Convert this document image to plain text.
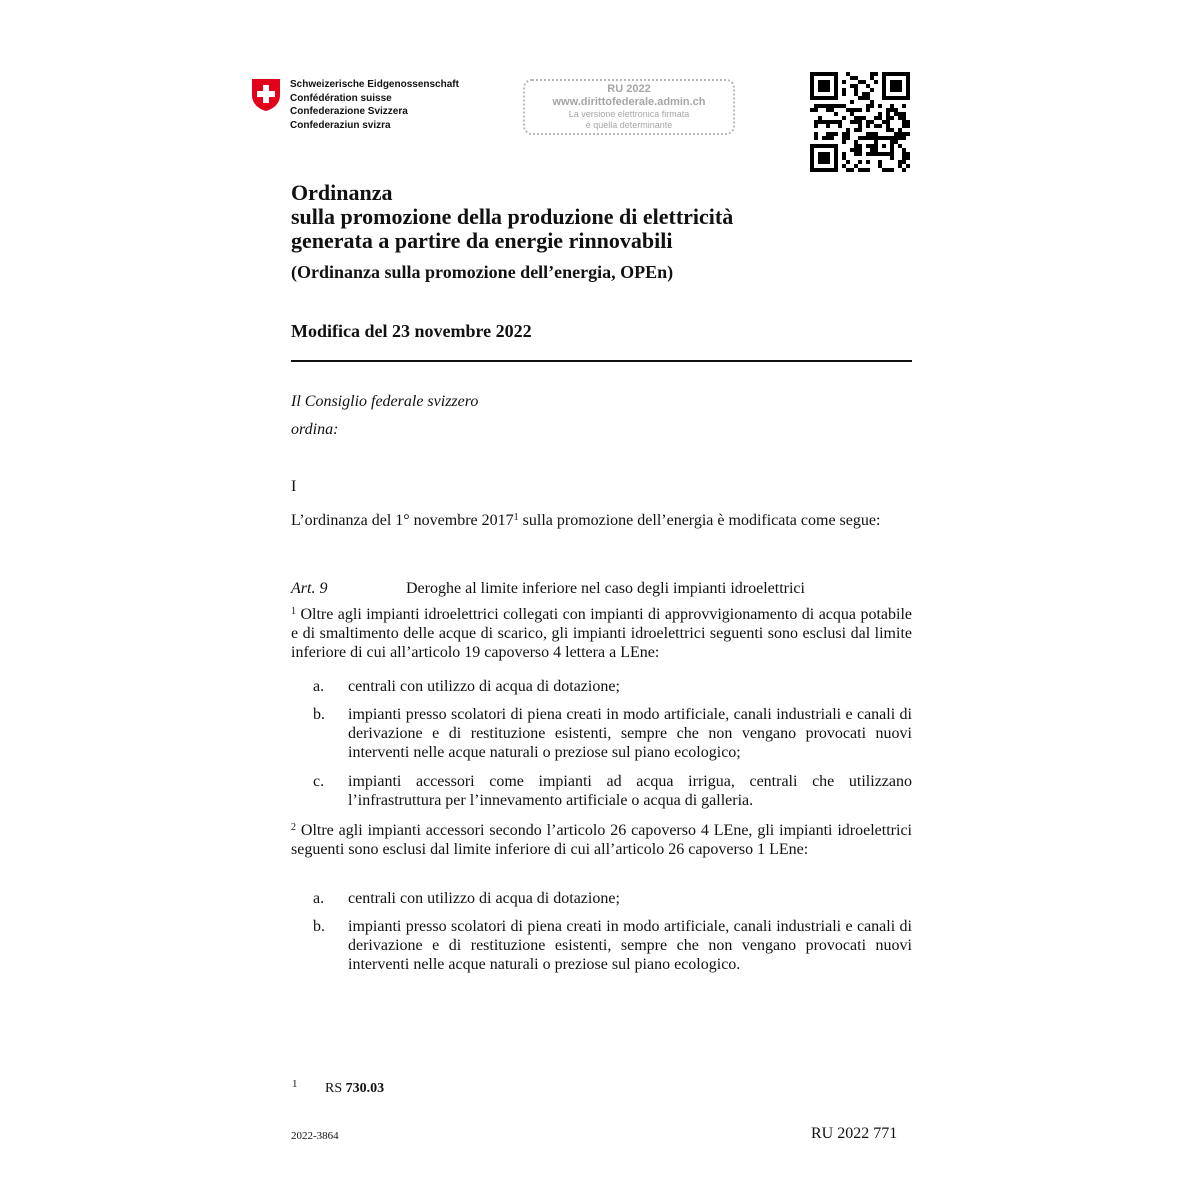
Schweizerische Eidgenossenschaft
Confédération suisse
Confederazione Svizzera
Confederaziun svizra
RU 2022
www.dirittofederale.admin.ch
La versione elettronica firmata
è quella determinante
Ordinanza
sulla promozione della produzione di elettricità
generata a partire da energie rinnovabili
(Ordinanza sulla promozione dell’energia, OPEn)
Modifica del 23 novembre 2022
Il Consiglio federale svizzero
ordina:
I
L’ordinanza del 1° novembre 2017$^1$ sulla promozione dell’energia è modificata come segue:
Art. 9	Deroghe al limite inferiore nel caso degli impianti idroelettrici
$^1$ Oltre agli impianti idroelettrici collegati con impianti di approvvigionamento di acqua potabile e di smaltimento delle acque di scarico, gli impianti idroelettrici seguenti sono esclusi dal limite inferiore di cui all’articolo 19 capoverso 4 lettera a LEne:
a. centrali con utilizzo di acqua di dotazione;
b. impianti presso scolatori di piena creati in modo artificiale, canali industriali e canali di derivazione e di restituzione esistenti, sempre che non vengano provocati nuovi interventi nelle acque naturali o preziose sul piano ecologico;
c. impianti accessori come impianti ad acqua irrigua, centrali che utilizzano l’infrastruttura per l’innevamento artificiale o acqua di galleria.
$^2$ Oltre agli impianti accessori secondo l’articolo 26 capoverso 4 LEne, gli impianti idroelettrici seguenti sono esclusi dal limite inferiore di cui all’articolo 26 capoverso 1 LEne:
a. centrali con utilizzo di acqua di dotazione;
b. impianti presso scolatori di piena creati in modo artificiale, canali industriali e canali di derivazione e di restituzione esistenti, sempre che non vengano provocati nuovi interventi nelle acque naturali o preziose sul piano ecologico.
1 RS 730.03
2022-3864	RU 2022 771
